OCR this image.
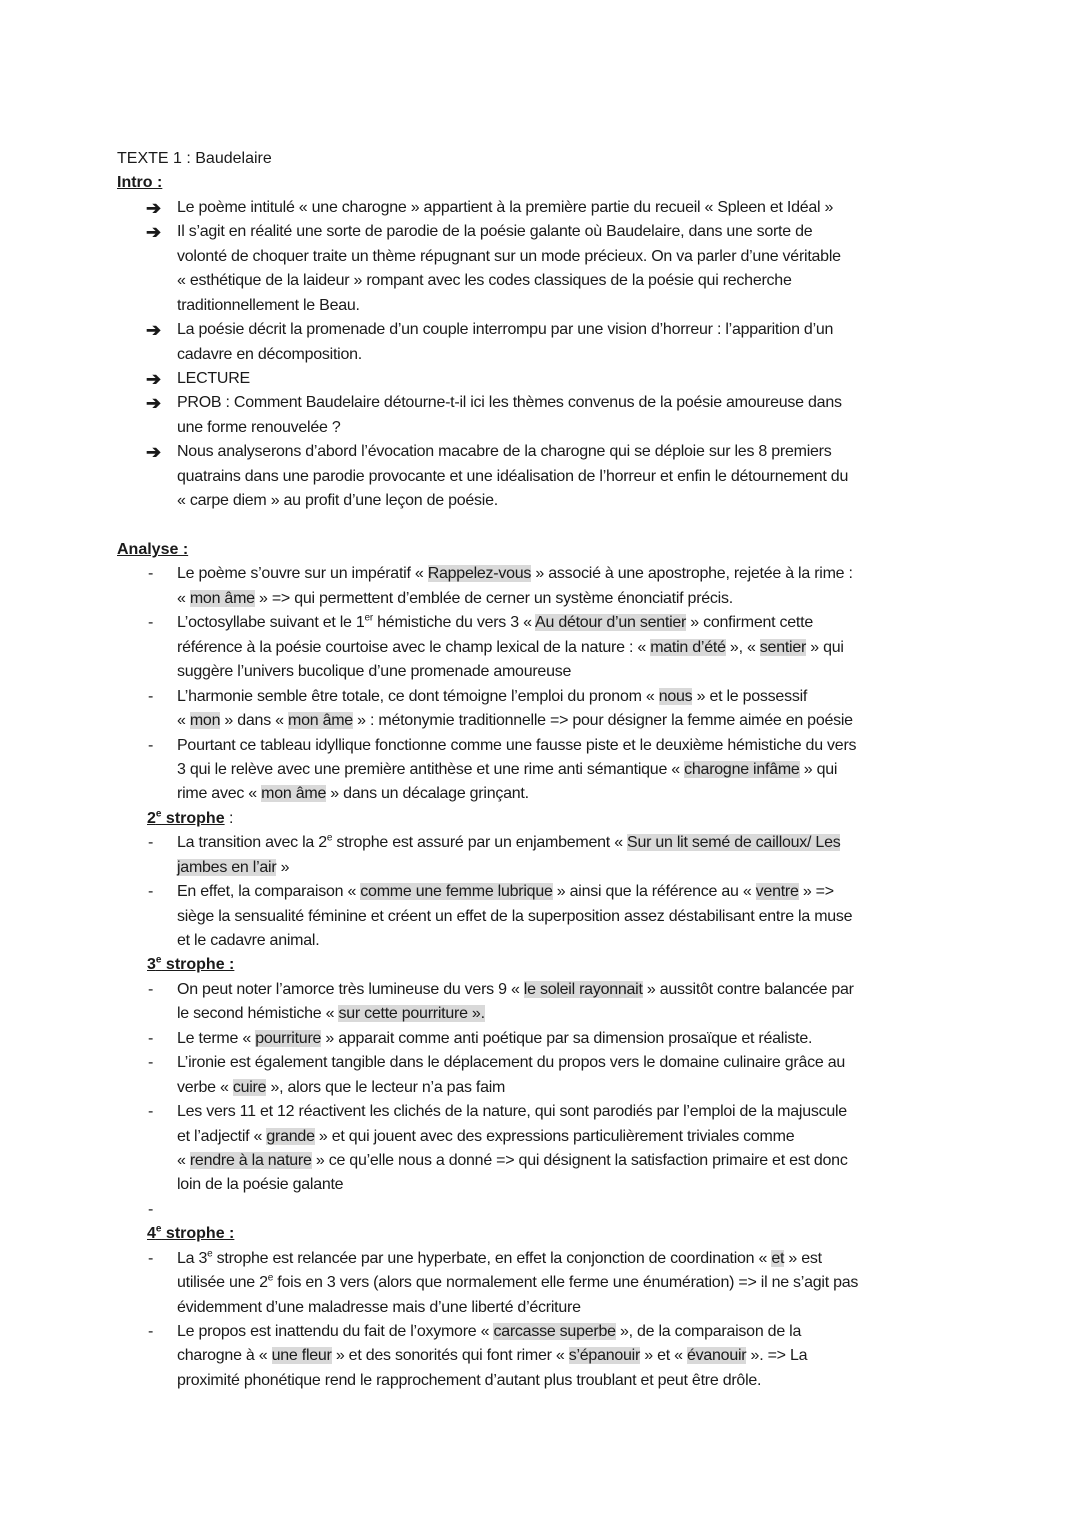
TEXTE 1 : Baudelaire
Intro :
➔ Le poème intitulé « une charogne » appartient à la première partie du recueil « Spleen et Idéal »
➔ Il s’agit en réalité une sorte de parodie de la poésie galante où Baudelaire, dans une sorte de
volonté de choquer traite un thème répugnant sur un mode précieux. On va parler d’une véritable
« esthétique de la laideur » rompant avec les codes classiques de la poésie qui recherche
traditionnellement le Beau.
➔ La poésie décrit la promenade d’un couple interrompu par une vision d’horreur : l’apparition d’un
cadavre en décomposition.
➔ LECTURE
➔ PROB : Comment Baudelaire détourne-t-il ici les thèmes convenus de la poésie amoureuse dans
une forme renouvelée ?
➔ Nous analyserons d’abord l’évocation macabre de la charogne qui se déploie sur les 8 premiers
quatrains dans une parodie provocante et une idéalisation de l’horreur et enfin le détournement du
« carpe diem » au profit d’une leçon de poésie.
Analyse :
- Le poème s’ouvre sur un impératif « Rappelez-vous » associé à une apostrophe, rejetée à la rime :
« mon âme » => qui permettent d’emblée de cerner un système énonciatif précis.
- L’octosyllabe suivant et le 1er hémistiche du vers 3 « Au détour d’un sentier » confirment cette
référence à la poésie courtoise avec le champ lexical de la nature : « matin d’été », « sentier » qui
suggère l’univers bucolique d’une promenade amoureuse
- L’harmonie semble être totale, ce dont témoigne l’emploi du pronom « nous » et le possessif
« mon » dans « mon âme » : métonymie traditionnelle => pour désigner la femme aimée en poésie
- Pourtant ce tableau idyllique fonctionne comme une fausse piste et le deuxième hémistiche du vers
3 qui le relève avec une première antithèse et une rime anti sémantique « charogne infâme » qui
rime avec « mon âme » dans un décalage grinçant.
2e strophe :
- La transition avec la 2e strophe est assuré par un enjambement « Sur un lit semé de cailloux/ Les
jambes en l’air »
- En effet, la comparaison « comme une femme lubrique » ainsi que la référence au « ventre » =>
siège la sensualité féminine et créent un effet de la superposition assez déstabilisant entre la muse
et le cadavre animal.
3e strophe :
- On peut noter l’amorce très lumineuse du vers 9 « le soleil rayonnait » aussitôt contre balancée par
le second hémistiche « sur cette pourriture ».
- Le terme « pourriture » apparait comme anti poétique par sa dimension prosaïque et réaliste.
- L’ironie est également tangible dans le déplacement du propos vers le domaine culinaire grâce au
verbe « cuire », alors que le lecteur n’a pas faim
- Les vers 11 et 12 réactivent les clichés de la nature, qui sont parodiés par l’emploi de la majuscule
et l’adjectif « grande » et qui jouent avec des expressions particulièrement triviales comme
« rendre à la nature » ce qu’elle nous a donné => qui désignent la satisfaction primaire et est donc
loin de la poésie galante
-
4e strophe :
- La 3e strophe est relancée par une hyperbate, en effet la conjonction de coordination « et » est
utilisée une 2e fois en 3 vers (alors que normalement elle ferme une énumération) => il ne s’agit pas
évidemment d’une maladresse mais d’une liberté d’écriture
- Le propos est inattendu du fait de l’oxymore « carcasse superbe », de la comparaison de la
charogne à « une fleur » et des sonorités qui font rimer « s’épanouir » et « évanouir ». => La
proximité phonétique rend le rapprochement d’autant plus troublant et peut être drôle.
